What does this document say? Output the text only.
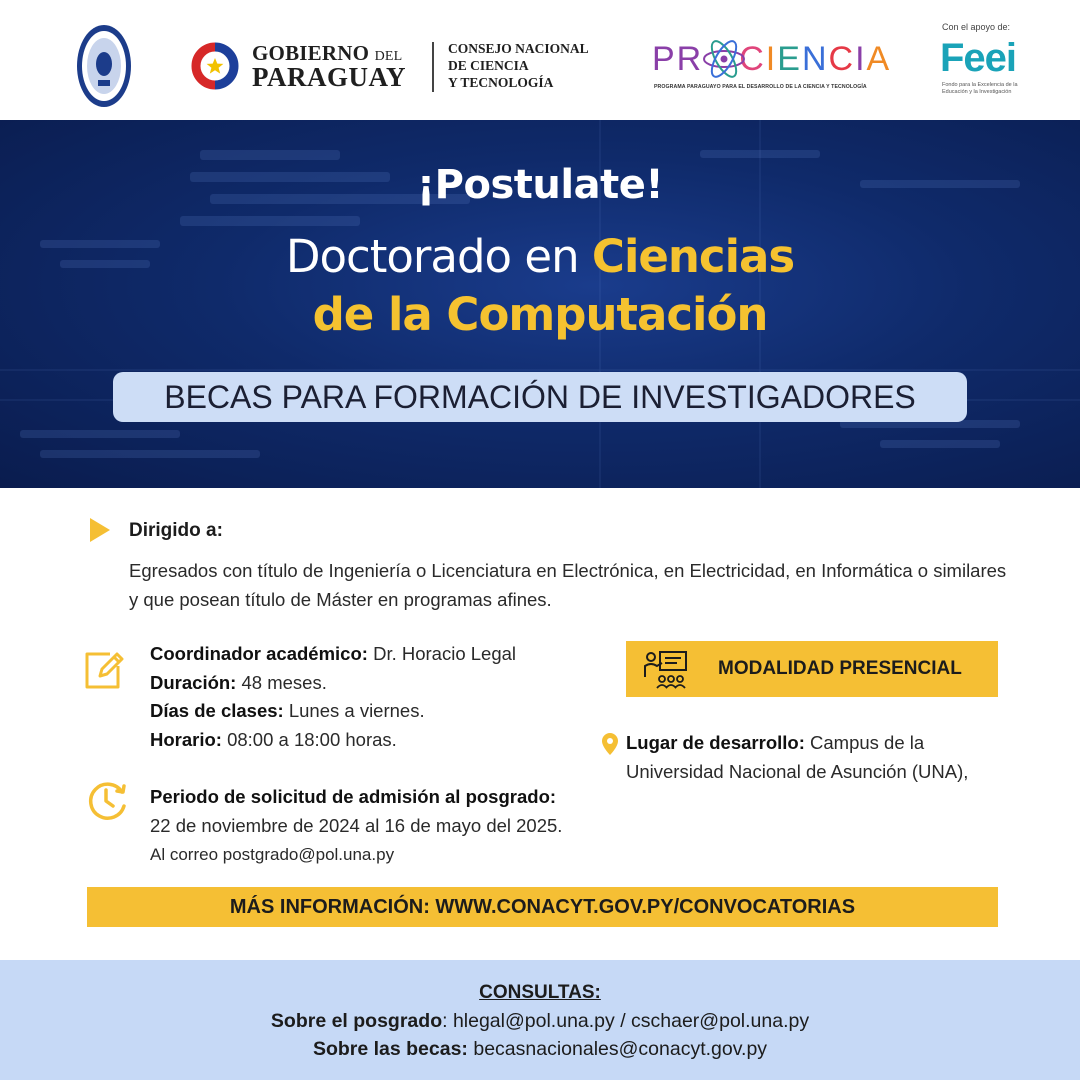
GOBIERNO DEL
PARAGUAY
CONSEJO NACIONAL
DE CIENCIA
Y TECNOLOGÍA
PR CIENCIA
PROGRAMA PARAGUAYO PARA EL DESARROLLO DE LA CIENCIA Y TECNOLOGÍA
Con el apoyo de:
Feei
Fondo para la Excelencia de la Educación y la Investigación
¡Postulate!
Doctorado en Ciencias
de la Computación
BECAS PARA FORMACIÓN DE INVESTIGADORES
Dirigido a:
Egresados con título de Ingeniería o Licenciatura en Electrónica, en Electricidad, en Informática o similares y que posean título de Máster en programas afines.
Coordinador académico: Dr. Horacio Legal
Duración: 48 meses.
Días de clases: Lunes a viernes.
Horario: 08:00 a 18:00 horas.
Periodo de solicitud de admisión al posgrado:
22 de noviembre de 2024 al 16 de mayo del 2025.
Al correo postgrado@pol.una.py
MODALIDAD PRESENCIAL
Lugar de desarrollo: Campus de la Universidad Nacional de Asunción (UNA),
MÁS INFORMACIÓN: WWW.CONACYT.GOV.PY/CONVOCATORIAS
CONSULTAS:
Sobre el posgrado: hlegal@pol.una.py / cschaer@pol.una.py
Sobre las becas: becasnacionales@conacyt.gov.py
